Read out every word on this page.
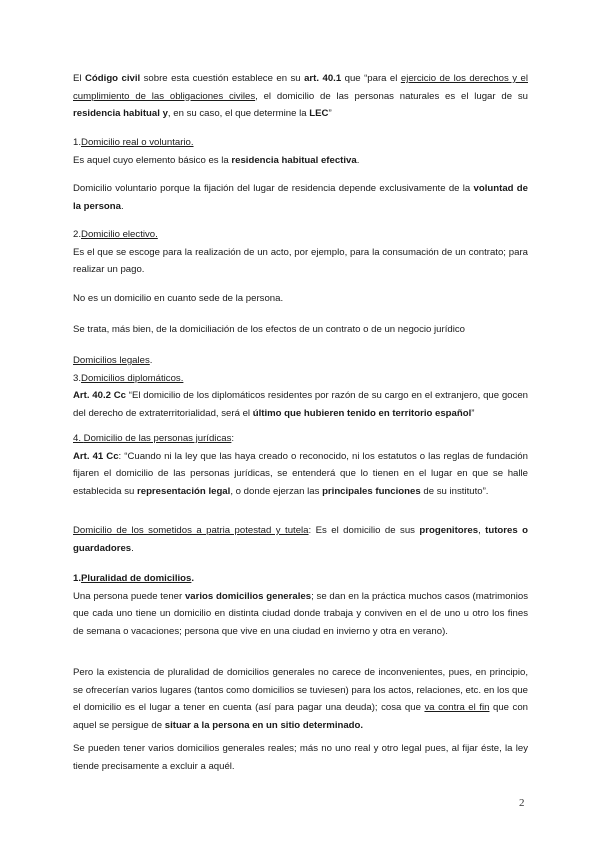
El Código civil sobre esta cuestión establece en su art. 40.1 que “para el ejercicio de los derechos y el cumplimiento de las obligaciones civiles, el domicilio de las personas naturales es el lugar de su residencia habitual y, en su caso, el que determine la LEC”

1.Domicilio real o voluntario.
Es aquel cuyo elemento básico es la residencia habitual efectiva.

Domicilio voluntario porque la fijación del lugar de residencia depende exclusivamente de la voluntad de la persona.

2.Domicilio electivo.
Es el que se escoge para la realización de un acto, por ejemplo, para la consumación de un contrato; para realizar un pago.

No es un domicilio en cuanto sede de la persona.

Se trata, más bien, de la domiciliación de los efectos de un contrato o de un negocio jurídico

Domicilios legales.
3.Domicilios diplomáticos.
Art. 40.2 Cc “El domicilio de los diplomáticos residentes por razón de su cargo en el extranjero, que gocen del derecho de extraterritorialidad, será el último que hubieren tenido en territorio español”

4. Domicilio de las personas jurídicas:
Art. 41 Cc: “Cuando ni la ley que las haya creado o reconocido, ni los estatutos o las reglas de fundación fijaren el domicilio de las personas jurídicas, se entenderá que lo tienen en el lugar en que se halle establecida su representación legal, o donde ejerzan las principales funciones de su instituto”.

Domicilio de los sometidos a patria potestad y tutela: Es el domicilio de sus progenitores, tutores o guardadores.

1.Pluralidad de domicilios.
Una persona puede tener varios domicilios generales; se dan en la práctica muchos casos (matrimonios que cada uno tiene un domicilio en distinta ciudad donde trabaja y conviven en el de uno u otro los fines de semana o vacaciones; persona que vive en una ciudad en invierno y otra en verano).

Pero la existencia de pluralidad de domicilios generales no carece de inconvenientes, pues, en principio, se ofrecerían varios lugares (tantos como domicilios se tuviesen) para los actos, relaciones, etc. en los que el domicilio es el lugar a tener en cuenta (así para pagar una deuda); cosa que va contra el fin que con aquel se persigue de situar a la persona en un sitio determinado.

Se pueden tener varios domicilios generales reales; más no uno real y otro legal pues, al fijar éste, la ley tiende precisamente a excluir a aquél.

2
